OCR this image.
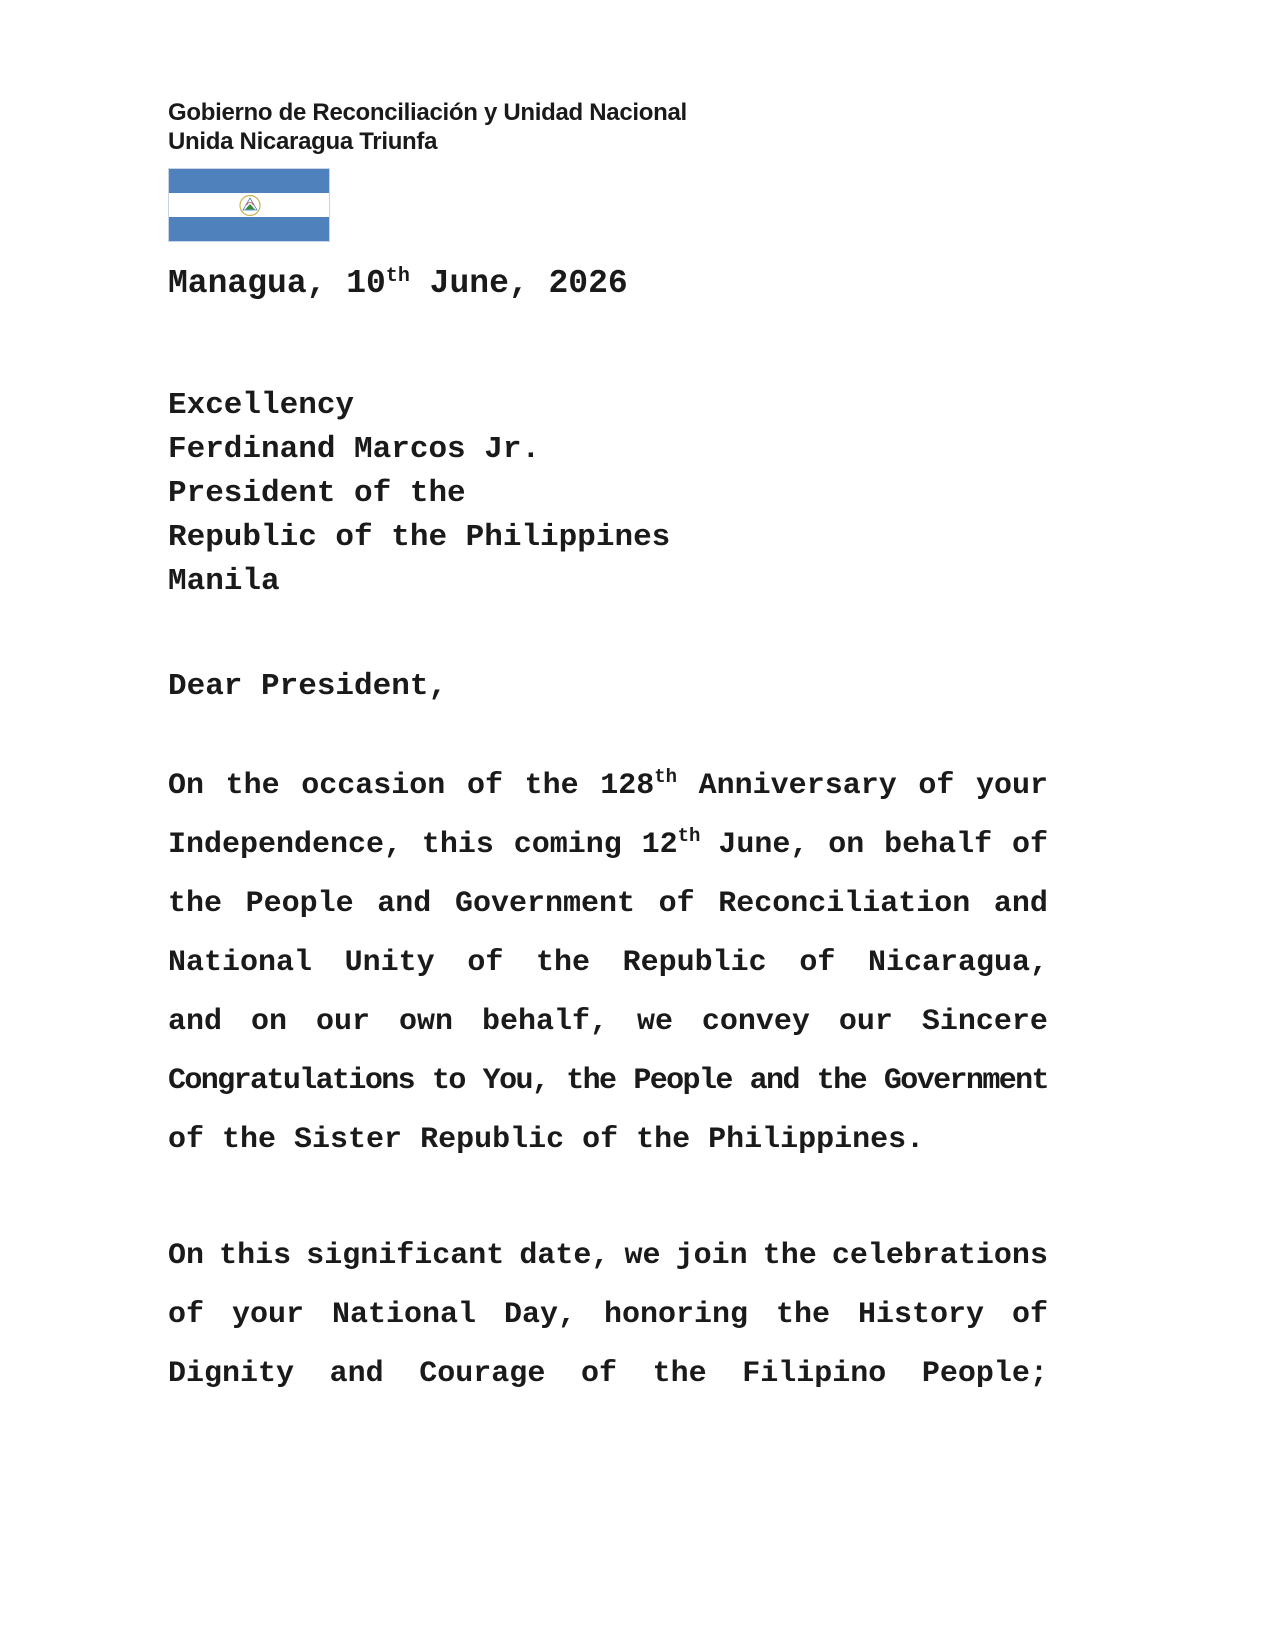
Gobierno de Reconciliación y Unidad Nacional
Unida Nicaragua Triunfa
Managua, 10th June, 2026
Excellency
Ferdinand Marcos Jr.
President of the
Republic of the Philippines
Manila
Dear President,
On the occasion of the 128th Anniversary of your
Independence, this coming 12th June, on behalf of
the People and Government of Reconciliation and
National Unity of the Republic of Nicaragua,
and on our own behalf, we convey our Sincere
Congratulations to You, the People and the Government
of the Sister Republic of the Philippines.
On this significant date, we join the celebrations
of your National Day, honoring the History of
Dignity and Courage of the Filipino People;
